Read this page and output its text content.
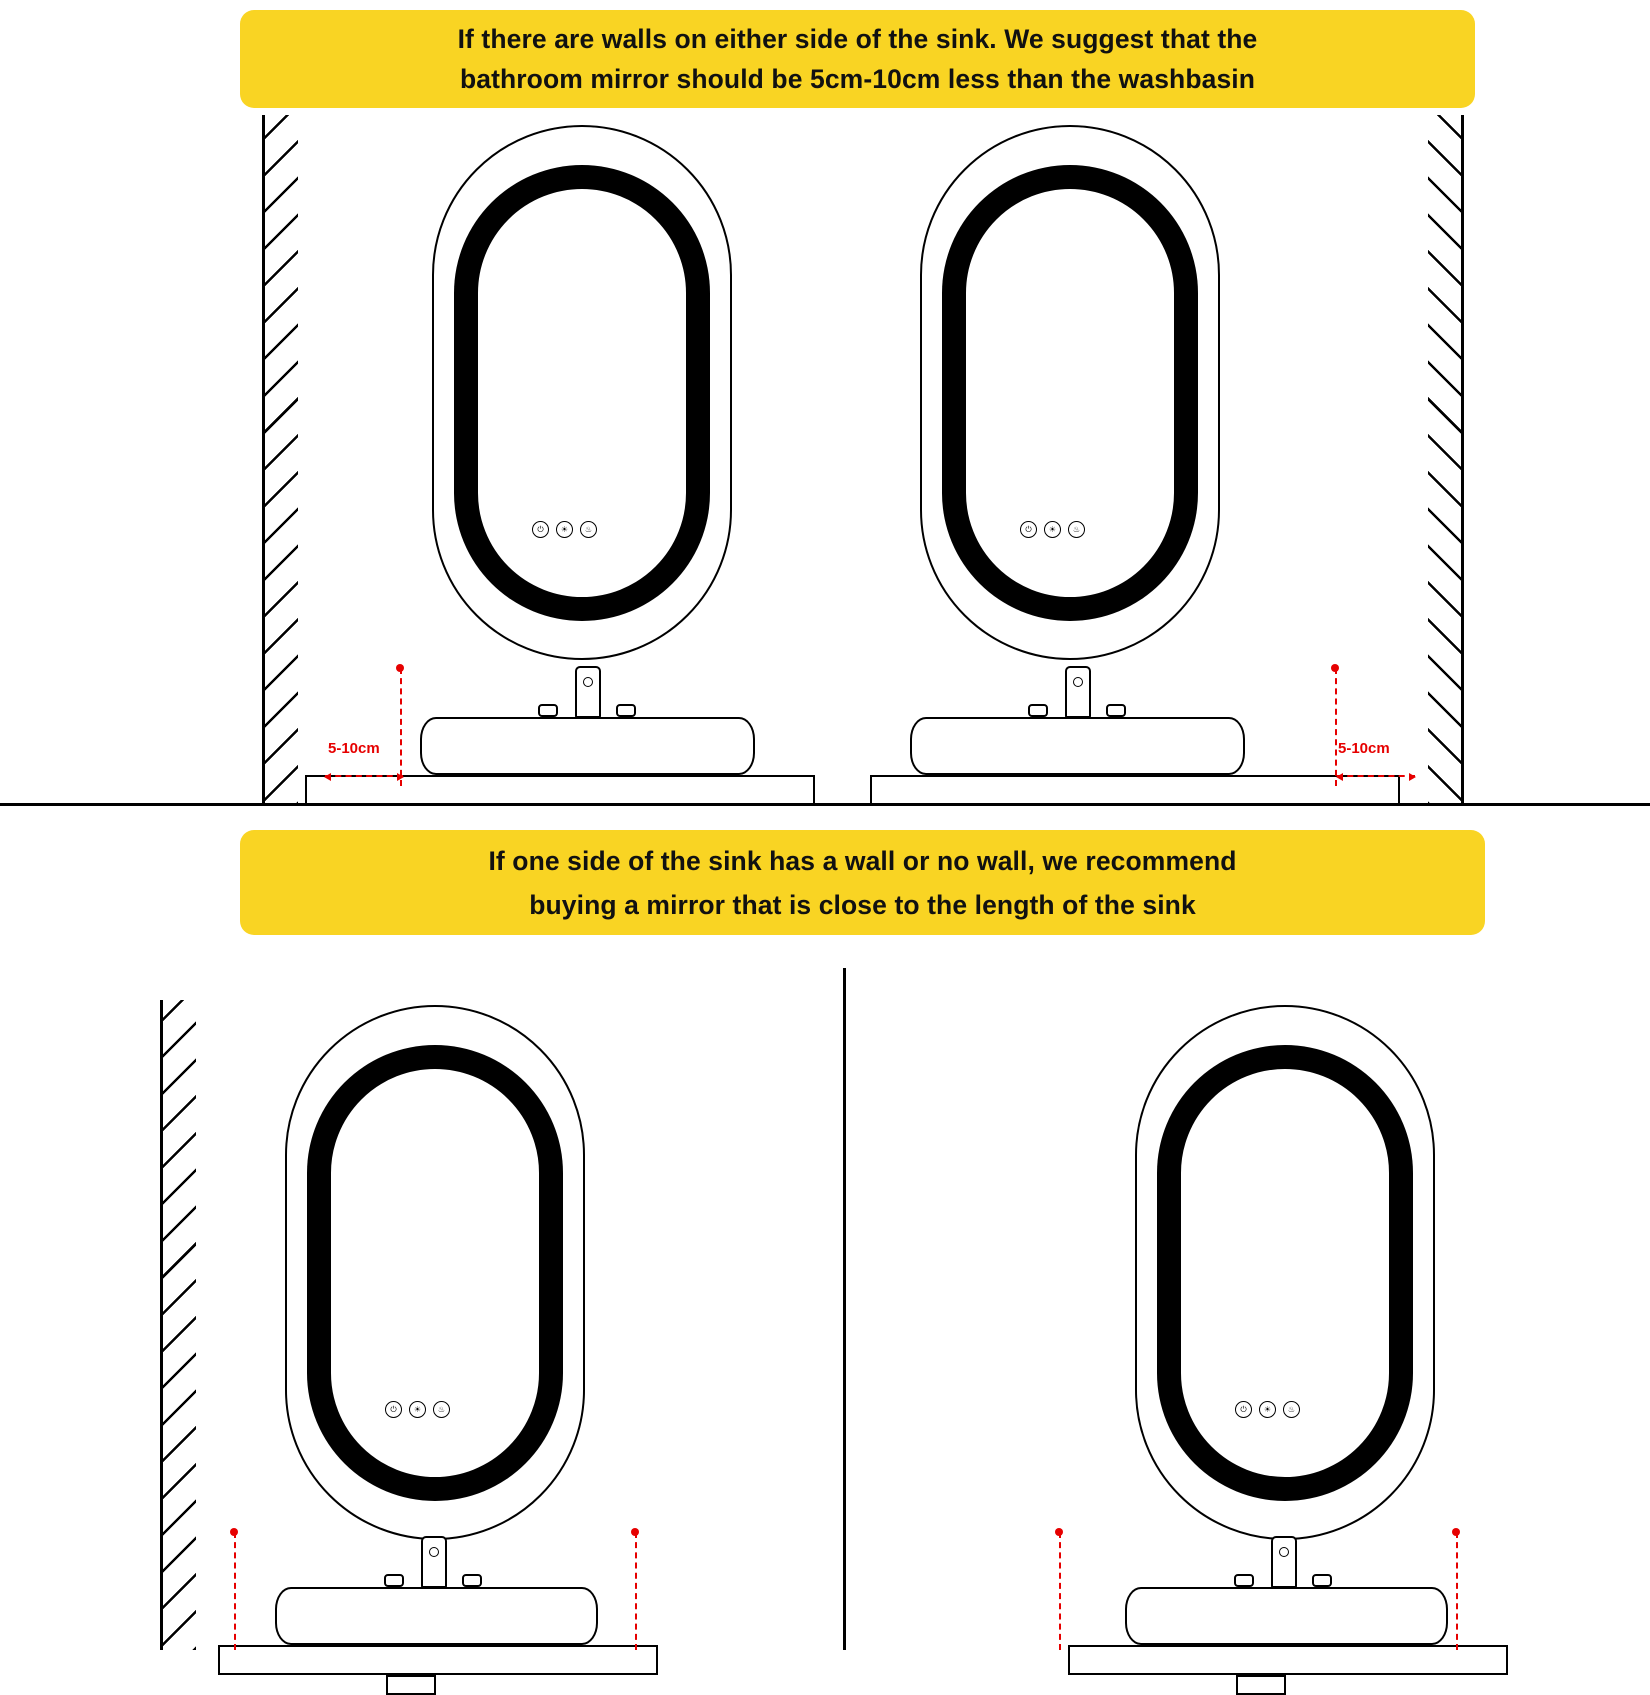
If there are walls on either side of the sink. We suggest that the
bathroom mirror should be 5cm-10cm less than the washbasin
⏻	☀	♨	⏻	☀	♨
5-10cm	5-10cm
If one side of the sink has a wall or no wall, we recommend
buying a mirror that is close to the length of the sink
⏻	☀	♨	⏻	☀	♨
